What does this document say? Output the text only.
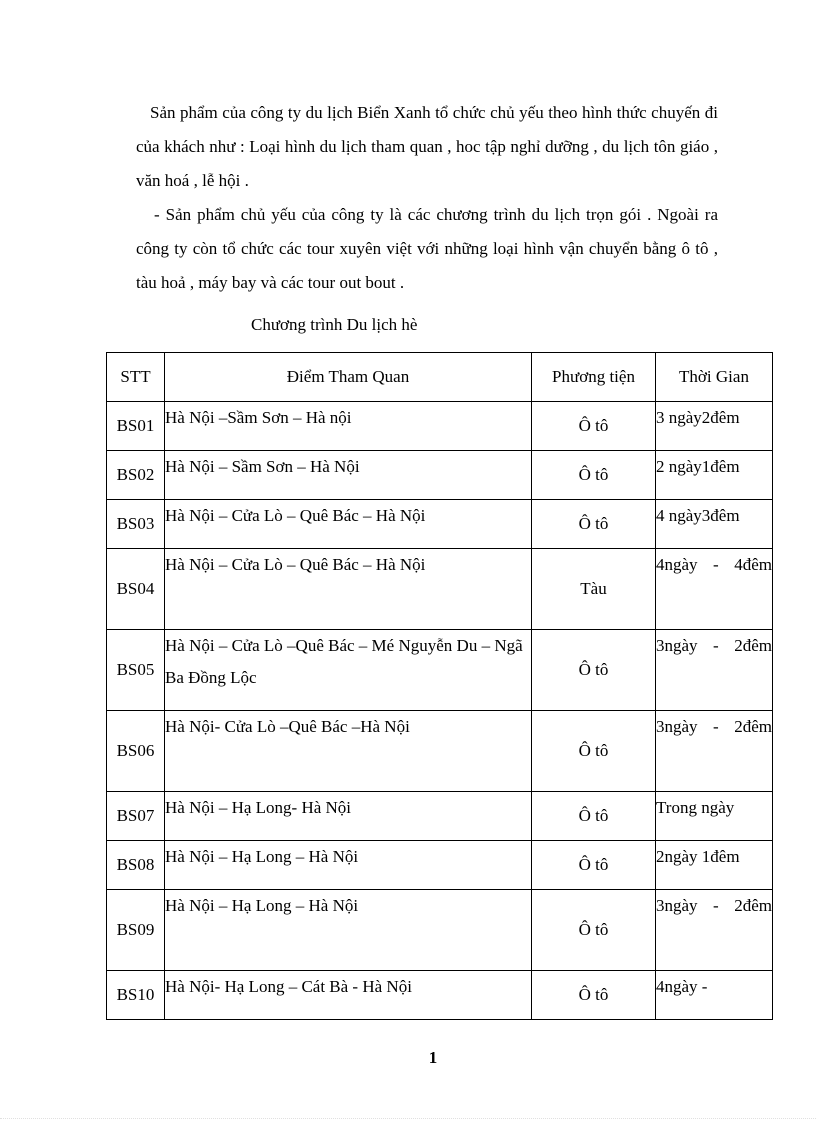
Sản phẩm của công ty du lịch Biển Xanh tổ chức chủ yếu theo hình thức chuyến đi của khách như : Loại hình du lịch tham quan , hoc tập nghỉ dưỡng , du lịch tôn giáo , văn hoá , lễ hội .

- Sản phẩm chủ yếu của công ty là các chương trình du lịch trọn gói . Ngoài ra công ty còn tổ chức các tour xuyên việt với những loại hình vận chuyển bằng ô tô , tàu hoả , máy bay và các tour out bout .

Chương trình Du lịch hè

STT	Điểm Tham Quan	Phương tiện	Thời Gian
BS01	Hà Nội –Sầm Sơn – Hà nội	Ô tô	3 ngày2đêm
BS02	Hà Nội – Sầm Sơn – Hà Nội	Ô tô	2 ngày1đêm
BS03	Hà Nội – Cửa Lò – Quê Bác – Hà Nội	Ô tô	4 ngày3đêm
BS04	Hà Nội – Cửa Lò – Quê Bác – Hà Nội	Tàu	4ngày - 4đêm
BS05	Hà Nội – Cửa Lò –Quê Bác – Mé Nguyễn Du – Ngã Ba Đồng Lộc	Ô tô	3ngày - 2đêm
BS06	Hà Nội- Cửa Lò –Quê Bác –Hà Nội	Ô tô	3ngày - 2đêm
BS07	Hà Nội – Hạ Long- Hà Nội	Ô tô	Trong ngày
BS08	Hà Nội – Hạ Long – Hà Nội	Ô tô	2ngày 1đêm
BS09	Hà Nội – Hạ Long – Hà Nội	Ô tô	3ngày - 2đêm
BS10	Hà Nội- Hạ Long – Cát Bà - Hà Nội	Ô tô	4ngày -

1
